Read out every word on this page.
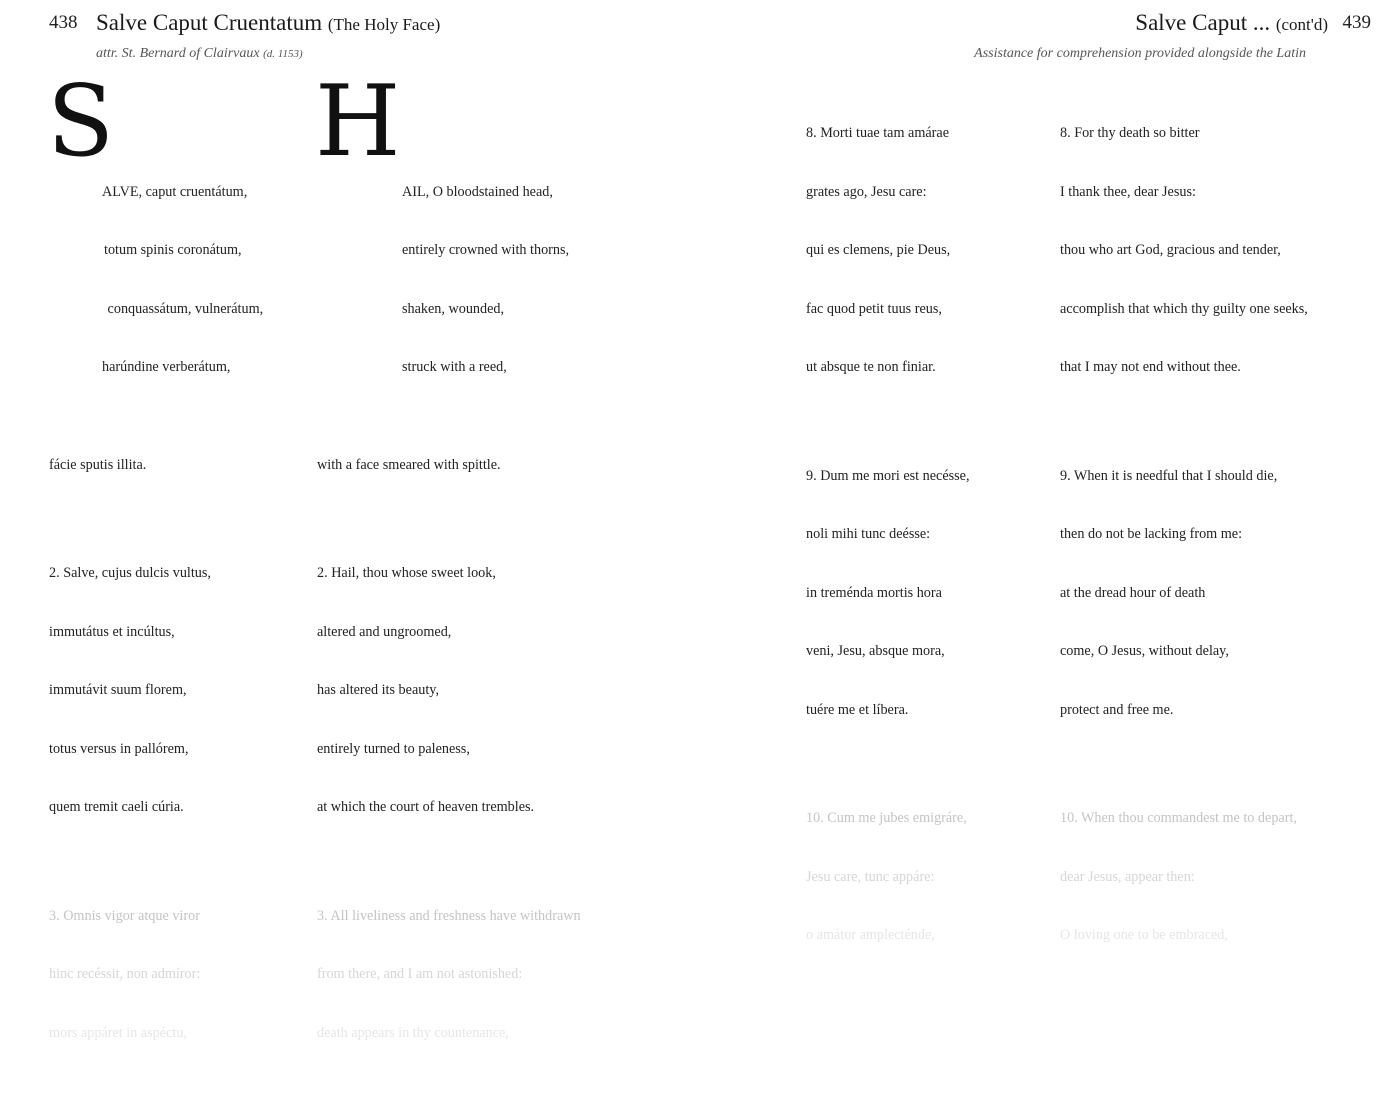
438 Salve Caput Cruentatum (The Holy Face)
attr. St. Bernard of Clairvaux (d. 1153)

S

ALVE, caput cruentátum,

totum spinis coronátum,

conquassátum, vulnerátum,

harúndine verberátum,

fácie sputis illita.

2. Salve, cujus dulcis vultus,

immutátus et incúltus,

immutávit suum florem,

totus versus in pallórem,

quem tremit caeli cúria.

3. Omnis vigor atque viror

hinc recéssit, non admíror:

mors appáret in aspéctu,

H

AIL, O bloodstained head,

entirely crowned with thorns,

shaken, wounded,

struck with a reed,

with a face smeared with spittle.

2. Hail, thou whose sweet look,

altered and ungroomed,

has altered its beauty,

entirely turned to paleness,

at which the court of heaven trembles.

3. All liveliness and freshness have withdrawn

from there, and I am not astonished:

death appears in thy countenance,

Salve Caput ... (cont'd) 439
Assistance for comprehension provided alongside the Latin

8. Morti tuae tam amárae

grates ago, Jesu care:

qui es clemens, pie Deus,

fac quod petit tuus reus,

ut absque te non finiar.

9. Dum me mori est necésse,

noli mihi tunc deésse:

in treménda mortis hora

veni, Jesu, absque mora,

tuére me et líbera.

10. Cum me jubes emigráre,

Jesu care, tunc appáre:

o amátor amplecténde,

8. For thy death so bitter

I thank thee, dear Jesus:

thou who art God, gracious and tender,

accomplish that which thy guilty one seeks,

that I may not end without thee.

9. When it is needful that I should die,

then do not be lacking from me:

at the dread hour of death

come, O Jesus, without delay,

protect and free me.

10. When thou commandest me to depart,

dear Jesus, appear then:

O loving one to be embraced,
